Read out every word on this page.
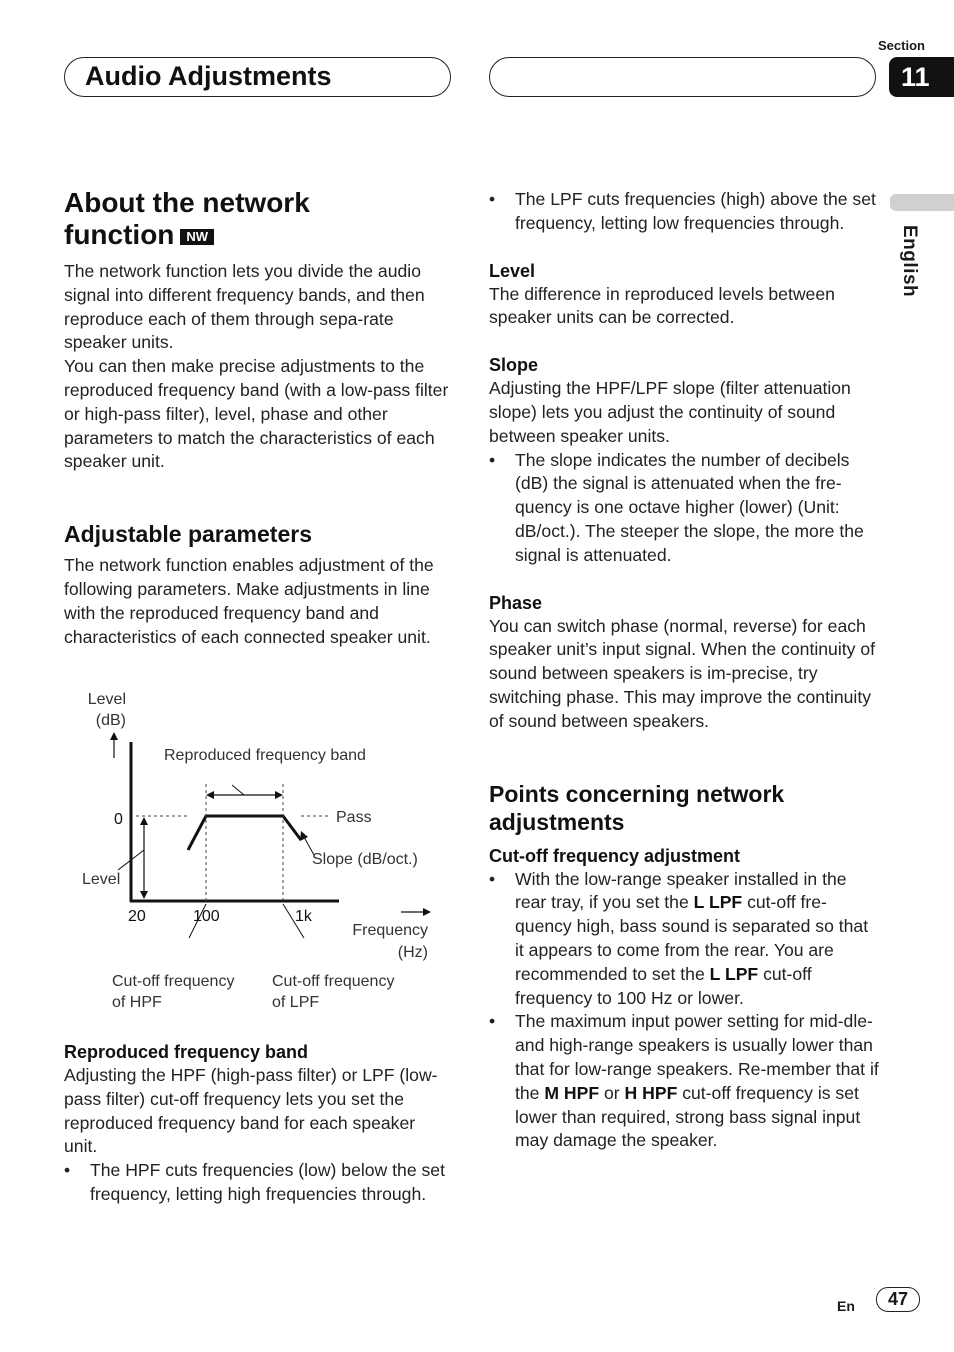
Audio Adjustments
Section
11
English
About the network
function NW

The network function lets you divide the audio signal into different frequency bands, and then reproduce each of them through sepa-rate speaker units.

You can then make precise adjustments to the reproduced frequency band (with a low-pass filter or high-pass filter), level, phase and other parameters to match the characteristics of each speaker unit.

Adjustable parameters

The network function enables adjustment of the following parameters. Make adjustments in line with the reproduced frequency band and characteristics of each connected speaker unit.

Level
(dB)
Reproduced frequency band
0	Pass
Slope (dB/oct.)
Level
20	100	1k
Frequency
(Hz)
Cut-off frequency
of HPF
Cut-off frequency
of LPF
Reproduced frequency band

Adjusting the HPF (high-pass filter) or LPF (low-pass filter) cut-off frequency lets you set the reproduced frequency band for each speaker unit.

• The HPF cuts frequencies (low) below the set frequency, letting high frequencies through.
• The LPF cuts frequencies (high) above the set frequency, letting low frequencies through.
Level

The difference in reproduced levels between speaker units can be corrected.

Slope

Adjusting the HPF/LPF slope (filter attenuation slope) lets you adjust the continuity of sound between speaker units.

• The slope indicates the number of decibels (dB) the signal is attenuated when the fre-quency is one octave higher (lower) (Unit: dB/oct.). The steeper the slope, the more the signal is attenuated.
Phase

You can switch phase (normal, reverse) for each speaker unit’s input signal. When the continuity of sound between speakers is im-precise, try switching phase. This may improve the continuity of sound between speakers.

Points concerning network
adjustments
Cut-off frequency adjustment
• With the low-range speaker installed in the rear tray, if you set the L LPF cut-off fre-quency high, bass sound is separated so that it appears to come from the rear. You are recommended to set the L LPF cut-off frequency to 100 Hz or lower.
• The maximum input power setting for mid-dle- and high-range speakers is usually lower than that for low-range speakers. Re-member that if the M HPF or H HPF cut-off frequency is set lower than required, strong bass signal input may damage the speaker.
En	47
